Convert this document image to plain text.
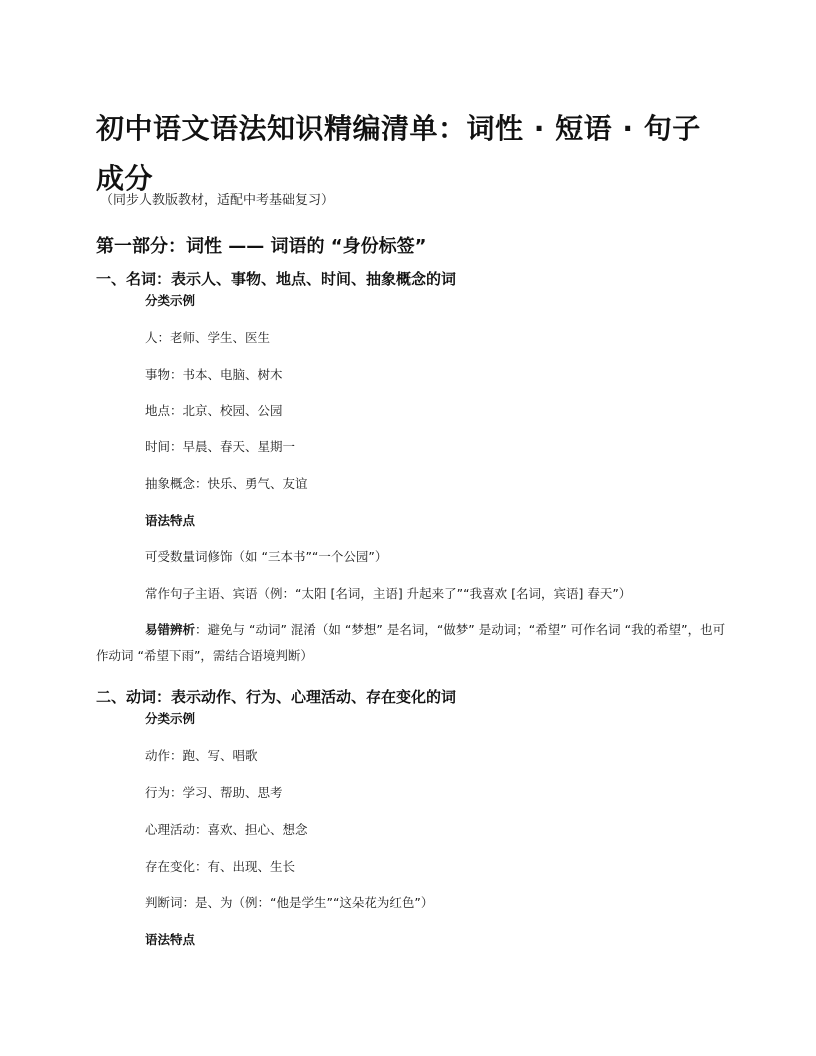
初中语文语法知识精编清单：词性 · 短语 · 句子成分

（同步人教版教材，适配中考基础复习）

第一部分：词性 —— 词语的 “身份标签”
一、名词：表示人、事物、地点、时间、抽象概念的词

分类示例

人：老师、学生、医生

事物：书本、电脑、树木

地点：北京、校园、公园

时间：早晨、春天、星期一

抽象概念：快乐、勇气、友谊

语法特点

可受数量词修饰（如 “三本书”“一个公园”）

常作句子主语、宾语（例：“太阳 [名词，主语] 升起来了”“我喜欢 [名词，宾语] 春天”）

易错辨析：避免与 “动词” 混淆（如 “梦想” 是名词，“做梦” 是动词；“希望” 可作名词 “我的希望”，也可作动词 “希望下雨”，需结合语境判断）

二、动词：表示动作、行为、心理活动、存在变化的词

分类示例

动作：跑、写、唱歌

行为：学习、帮助、思考

心理活动：喜欢、担心、想念

存在变化：有、出现、生长

判断词：是、为（例：“他是学生”“这朵花为红色”）

语法特点
